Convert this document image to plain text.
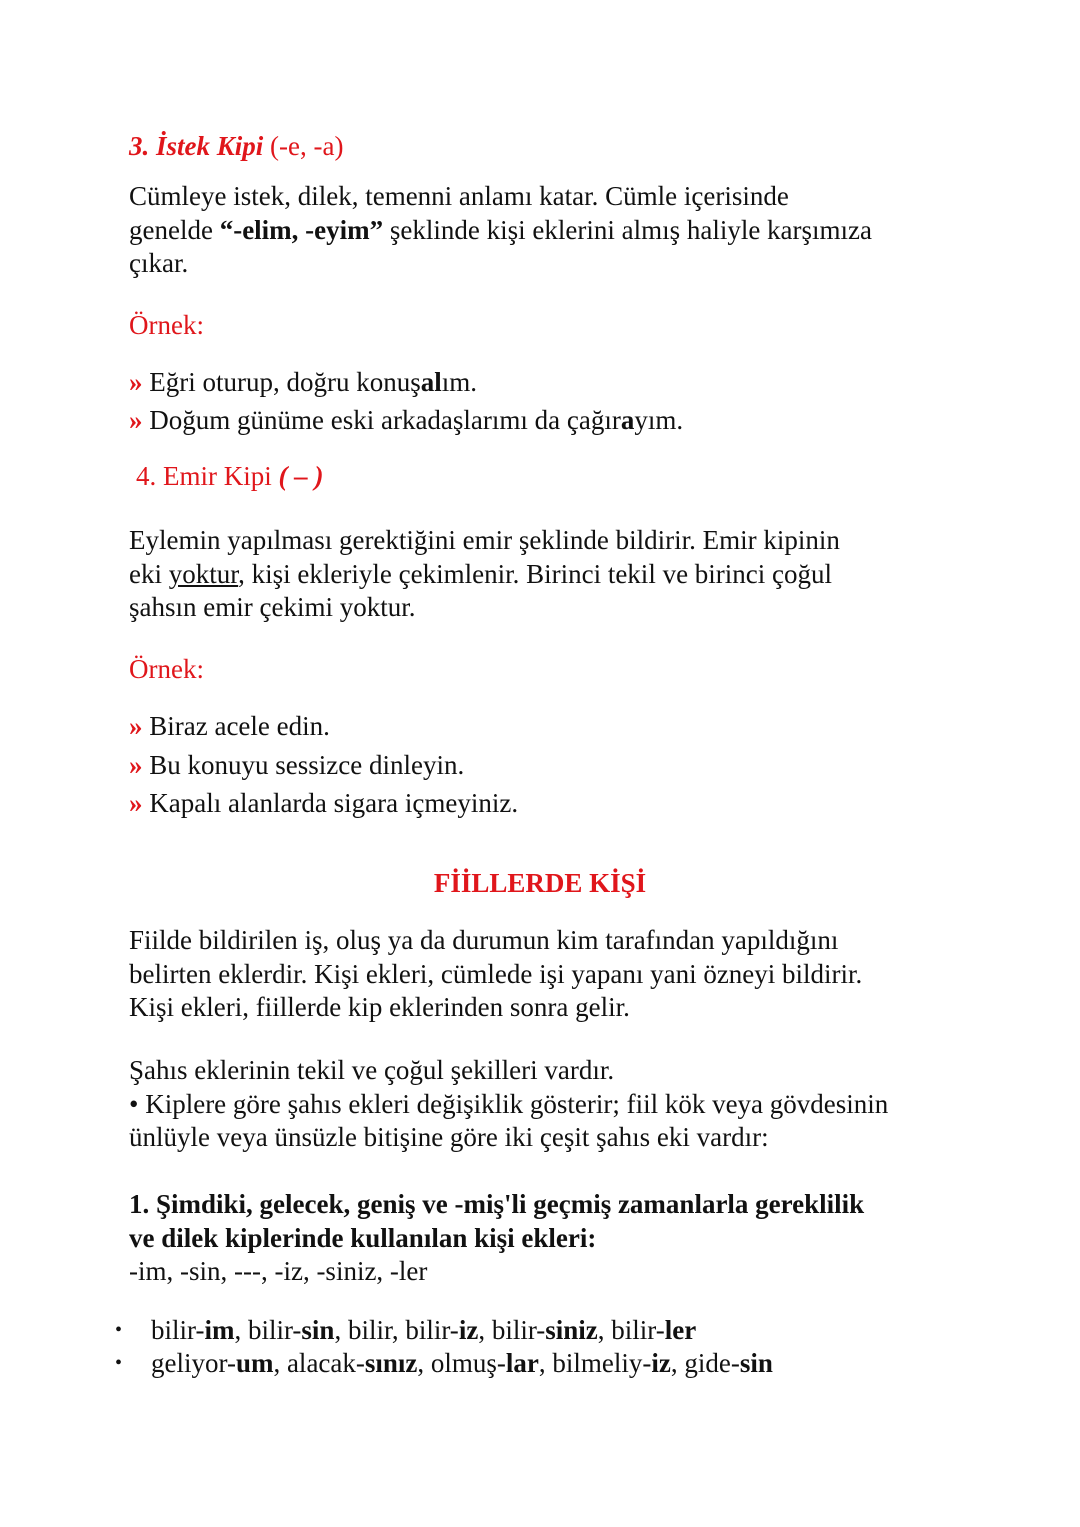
3. İstek Kipi (-e, -a)

Cümleye istek, dilek, temenni anlamı katar. Cümle içerisinde
genelde “-elim, -eyim” şeklinde kişi eklerini almış haliyle karşımıza
çıkar.

Örnek:

» Eğri oturup, doğru konuşalım.

» Doğum günüme eski arkadaşlarımı da çağırayım.

4. Emir Kipi ( – )

Eylemin yapılması gerektiğini emir şeklinde bildirir. Emir kipinin
eki yoktur, kişi ekleriyle çekimlenir. Birinci tekil ve birinci çoğul
şahsın emir çekimi yoktur.

Örnek:

» Biraz acele edin.

» Bu konuyu sessizce dinleyin.

» Kapalı alanlarda sigara içmeyiniz.

FİİLLERDE KİŞİ

Fiilde bildirilen iş, oluş ya da durumun kim tarafından yapıldığını
belirten eklerdir. Kişi ekleri, cümlede işi yapanı yani özneyi bildirir.
Kişi ekleri, fiillerde kip eklerinden sonra gelir.

Şahıs eklerinin tekil ve çoğul şekilleri vardır.
• Kiplere göre şahıs ekleri değişiklik gösterir; fiil kök veya gövdesinin
ünlüyle veya ünsüzle bitişine göre iki çeşit şahıs eki vardır:

1. Şimdiki, gelecek, geniş ve -miş'li geçmiş zamanlarla gereklilik
ve dilek kiplerinde kullanılan kişi ekleri:
-im, -sin, ---, -iz, -siniz, -ler

• bilir-im, bilir-sin, bilir, bilir-iz, bilir-siniz, bilir-ler
• geliyor-um, alacak-sınız, olmuş-lar, bilmeliy-iz, gide-sin
